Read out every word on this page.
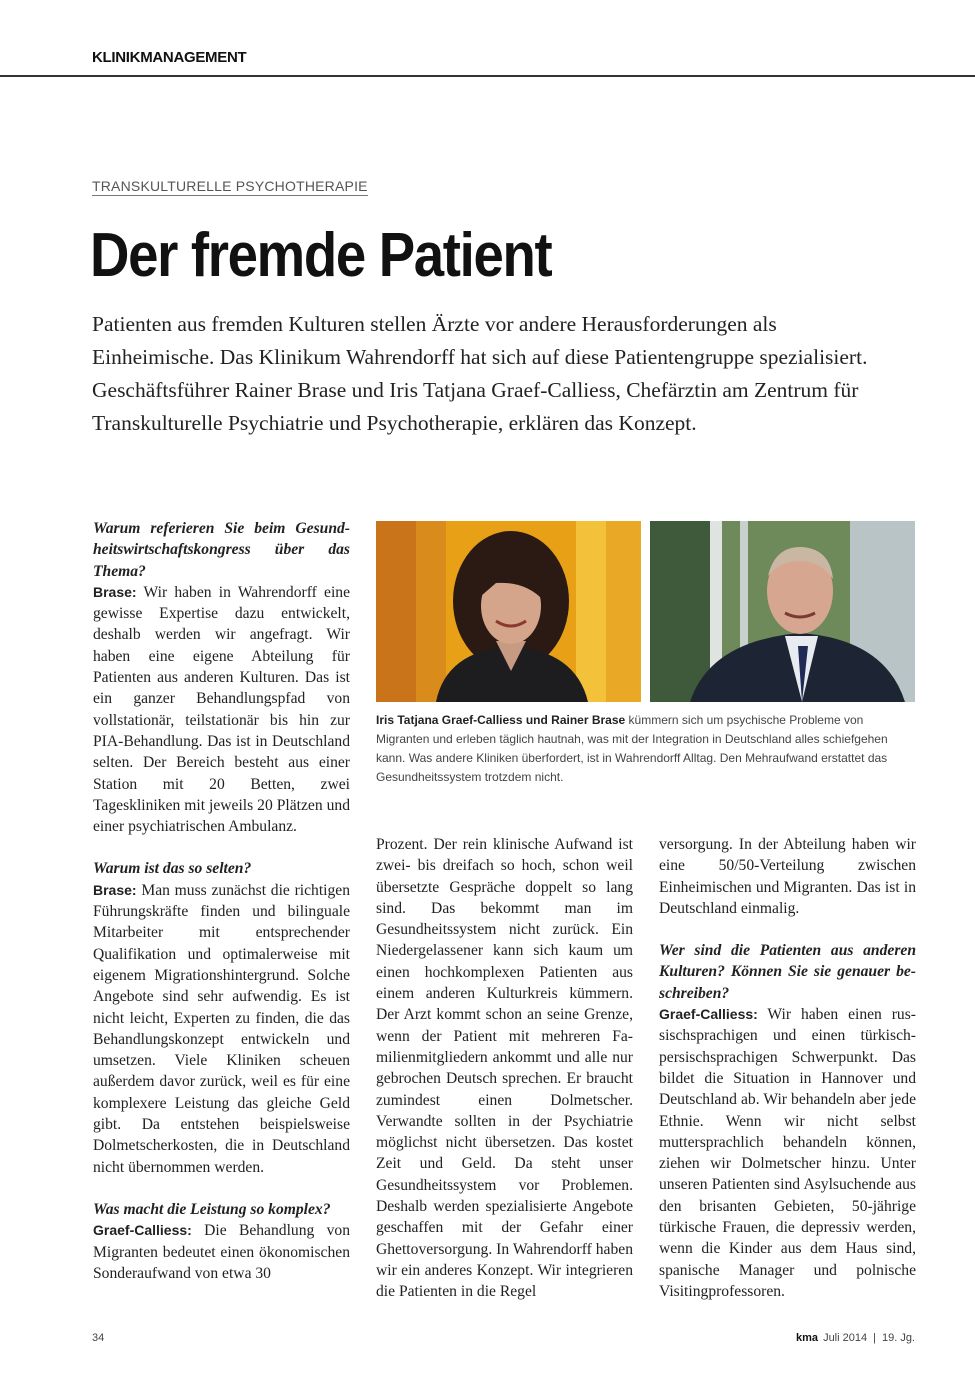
KLINIKMANAGEMENT
TRANSKULTURELLE PSYCHOTHERAPIE
Der fremde Patient

Patienten aus fremden Kulturen stellen Ärzte vor andere Herausforderungen als Einheimische. Das Klinikum Wahrendorff hat sich auf diese Patientengruppe spezialisiert. Geschäftsführer Rainer Brase und Iris Tatjana Graef-Calliess, Chefärztin am Zentrum für Transkulturelle Psychiatrie und Psychotherapie, erklären das Konzept.

Warum referieren Sie beim Gesundheitswirtschaftskongress über das Thema?

Brase: Wir haben in Wahrendorff eine gewisse Expertise dazu entwickelt, deshalb werden wir angefragt. Wir haben eine eigene Abteilung für Patienten aus anderen Kulturen. Das ist ein ganzer Behandlungspfad von vollstationär, teilstationär bis hin zur PIA-Behandlung. Das ist in Deutschland selten. Der Bereich besteht aus einer Station mit 20 Betten, zwei Tageskliniken mit jeweils 20 Plätzen und einer psychiatrischen Ambulanz.

Warum ist das so selten?

Brase: Man muss zunächst die richtigen Führungskräfte finden und bilinguale Mitarbeiter mit entsprechender Qualifikation und optimalerweise mit eigenem Migrationshintergrund. Solche Angebote sind sehr aufwendig. Es ist nicht leicht, Experten zu finden, die das Behandlungskonzept entwickeln und umsetzen. Viele Kliniken scheuen außerdem davor zurück, weil es für eine komplexere Leistung das gleiche Geld gibt. Da entstehen beispielsweise Dolmetscherkosten, die in Deutschland nicht übernommen werden.

Was macht die Leistung so komplex?

Graef-Calliess: Die Behandlung von Migranten bedeutet einen ökonomischen Sonderaufwand von etwa 30

Iris Tatjana Graef-Calliess und Rainer Brase kümmern sich um psychische Probleme von Migranten und erleben täglich hautnah, was mit der Integration in Deutschland alles schiefgehen kann. Was andere Kliniken überfordert, ist in Wahrendorff Alltag. Den Mehraufwand erstattet das Gesundheitssystem trotzdem nicht.

Prozent. Der rein klinische Aufwand ist zwei- bis dreifach so hoch, schon weil übersetzte Gespräche doppelt so lang sind. Das bekommt man im Gesundheitssystem nicht zurück. Ein Niedergelassener kann sich kaum um einen hochkomplexen Patienten aus einem anderen Kulturkreis kümmern. Der Arzt kommt schon an seine Grenze, wenn der Patient mit mehreren Familienmitgliedern ankommt und alle nur gebrochen Deutsch sprechen. Er braucht zumindest einen Dolmetscher. Verwandte sollten in der Psychiatrie möglichst nicht übersetzen. Das kostet Zeit und Geld. Da steht unser Gesundheitssystem vor Problemen. Deshalb werden spezialisierte Angebote geschaffen mit der Gefahr einer Ghettoversorgung. In Wahrendorff haben wir ein anderes Konzept. Wir integrieren die Patienten in die Regel

versorgung. In der Abteilung haben wir eine 50/50-Verteilung zwischen Einheimischen und Migranten. Das ist in Deutschland einmalig.

Wer sind die Patienten aus anderen Kulturen? Können Sie sie genauer beschreiben?

Graef-Calliess: Wir haben einen russischsprachigen und einen türkisch-persischsprachigen Schwerpunkt. Das bildet die Situation in Hannover und Deutschland ab. Wir behandeln aber jede Ethnie. Wenn wir nicht selbst muttersprachlich behandeln können, ziehen wir Dolmetscher hinzu. Unter unseren Patienten sind Asylsuchende aus den brisanten Gebieten, 50-jährige türkische Frauen, die depressiv werden, wenn die Kinder aus dem Haus sind, spanische Manager und polnische Visitingprofessoren.

34	kma Juli 2014 | 19. Jg.
